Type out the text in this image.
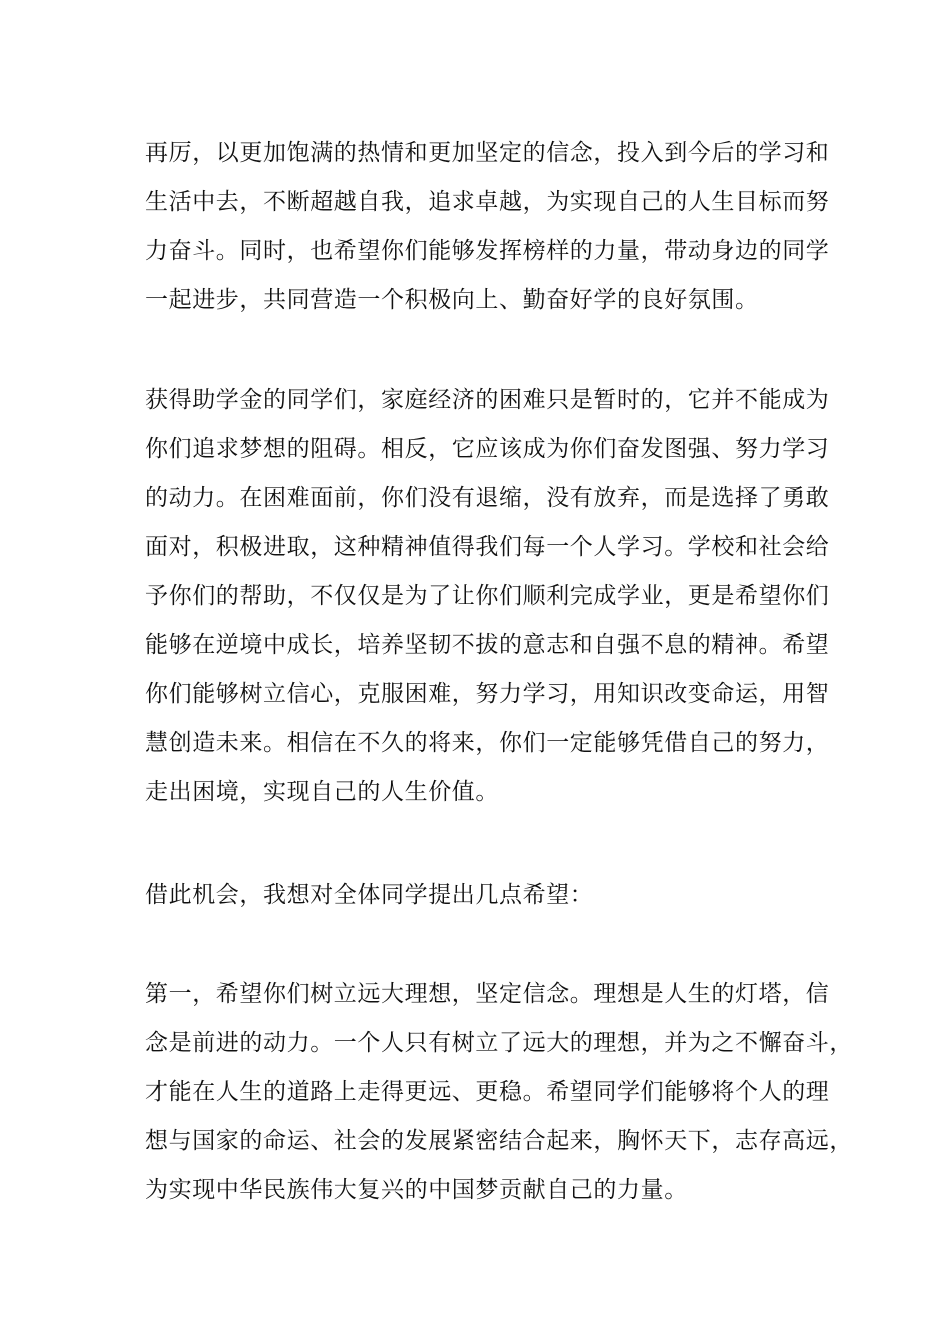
再厉，以更加饱满的热情和更加坚定的信念，投入到今后的学习和
生活中去，不断超越自我，追求卓越，为实现自己的人生目标而努
力奋斗。同时，也希望你们能够发挥榜样的力量，带动身边的同学
一起进步，共同营造一个积极向上、勤奋好学的良好氛围。
获得助学金的同学们，家庭经济的困难只是暂时的，它并不能成为
你们追求梦想的阻碍。相反，它应该成为你们奋发图强、努力学习
的动力。在困难面前，你们没有退缩，没有放弃，而是选择了勇敢
面对，积极进取，这种精神值得我们每一个人学习。学校和社会给
予你们的帮助，不仅仅是为了让你们顺利完成学业，更是希望你们
能够在逆境中成长，培养坚韧不拔的意志和自强不息的精神。希望
你们能够树立信心，克服困难，努力学习，用知识改变命运，用智
慧创造未来。相信在不久的将来，你们一定能够凭借自己的努力，
走出困境，实现自己的人生价值。
借此机会，我想对全体同学提出几点希望：
第一，希望你们树立远大理想，坚定信念。理想是人生的灯塔，信
念是前进的动力。一个人只有树立了远大的理想，并为之不懈奋斗，
才能在人生的道路上走得更远、更稳。希望同学们能够将个人的理
想与国家的命运、社会的发展紧密结合起来，胸怀天下，志存高远，
为实现中华民族伟大复兴的中国梦贡献自己的力量。
